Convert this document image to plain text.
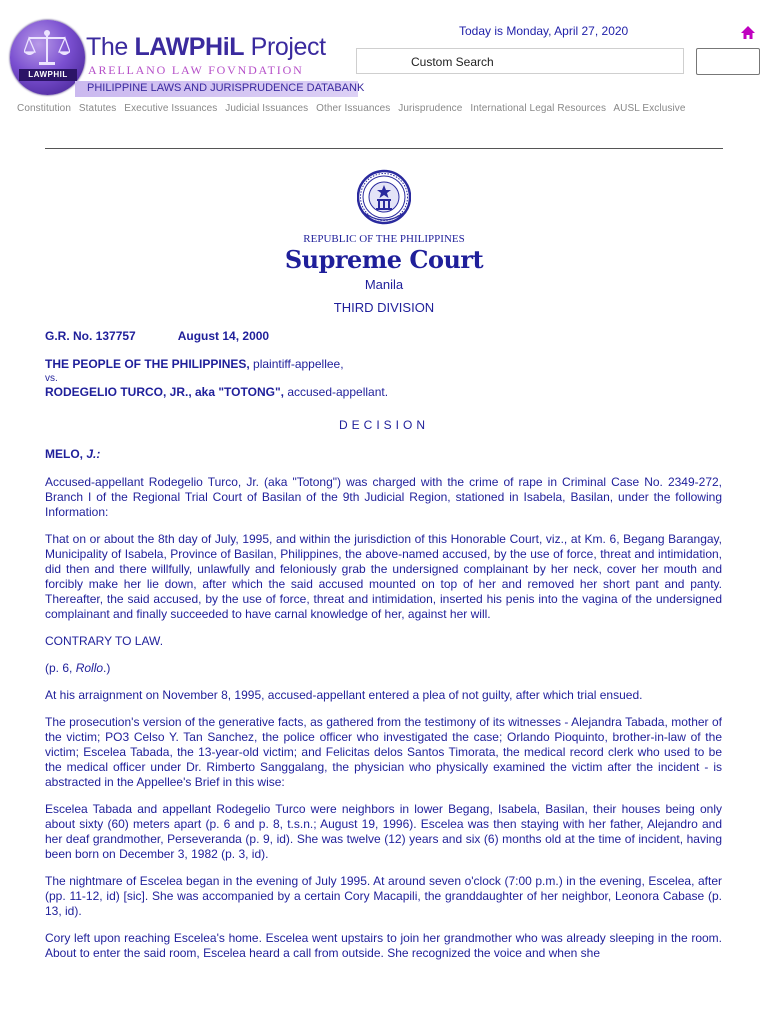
LAWPHIL
The LAWPHiL Project
ARELLANO LAW FOVNDATION
PHILIPPINE LAWS AND JURISPRUDENCE DATABANK
Today is Monday, April 27, 2020
Custom Search
Constitution Statutes Executive Issuances Judicial Issuances Other Issuances Jurisprudence International Legal Resources AUSL Exclusive
REPUBLIC OF THE PHILIPPINES
Supreme Court
Manila
THIRD DIVISION
G.R. No. 137757	August 14, 2000
THE PEOPLE OF THE PHILIPPINES, plaintiff-appellee,
vs.
RODEGELIO TURCO, JR., aka "TOTONG", accused-appellant.
DECISION
MELO, J.:

Accused-appellant Rodegelio Turco, Jr. (aka "Totong") was charged with the crime of rape in Criminal Case No. 2349-272, Branch I of the Regional Trial Court of Basilan of the 9th Judicial Region, stationed in Isabela, Basilan, under the following Information:

That on or about the 8th day of July, 1995, and within the jurisdiction of this Honorable Court, viz., at Km. 6, Begang Barangay, Municipality of Isabela, Province of Basilan, Philippines, the above-named accused, by the use of force, threat and intimidation, did then and there willfully, unlawfully and feloniously grab the undersigned complainant by her neck, cover her mouth and forcibly make her lie down, after which the said accused mounted on top of her and removed her short pant and panty. Thereafter, the said accused, by the use of force, threat and intimidation, inserted his penis into the vagina of the undersigned complainant and finally succeeded to have carnal knowledge of her, against her will.

CONTRARY TO LAW.

(p. 6, Rollo.)

At his arraignment on November 8, 1995, accused-appellant entered a plea of not guilty, after which trial ensued.

The prosecution's version of the generative facts, as gathered from the testimony of its witnesses - Alejandra Tabada, mother of the victim; PO3 Celso Y. Tan Sanchez, the police officer who investigated the case; Orlando Pioquinto, brother-in-law of the victim; Escelea Tabada, the 13-year-old victim; and Felicitas delos Santos Timorata, the medical record clerk who used to be the medical officer under Dr. Rimberto Sanggalang, the physician who physically examined the victim after the incident - is abstracted in the Appellee's Brief in this wise:

Escelea Tabada and appellant Rodegelio Turco were neighbors in lower Begang, Isabela, Basilan, their houses being only about sixty (60) meters apart (p. 6 and p. 8, t.s.n.; August 19, 1996). Escelea was then staying with her father, Alejandro and her deaf grandmother, Perseveranda (p. 9, id). She was twelve (12) years and six (6) months old at the time of incident, having been born on December 3, 1982 (p. 3, id).

The nightmare of Escelea began in the evening of July 1995. At around seven o'clock (7:00 p.m.) in the evening, Escelea, after (pp. 11-12, id) [sic]. She was accompanied by a certain Cory Macapili, the granddaughter of her neighbor, Leonora Cabase (p. 13, id).

Cory left upon reaching Escelea's home. Escelea went upstairs to join her grandmother who was already sleeping in the room. About to enter the said room, Escelea heard a call from outside. She recognized the voice and when she
